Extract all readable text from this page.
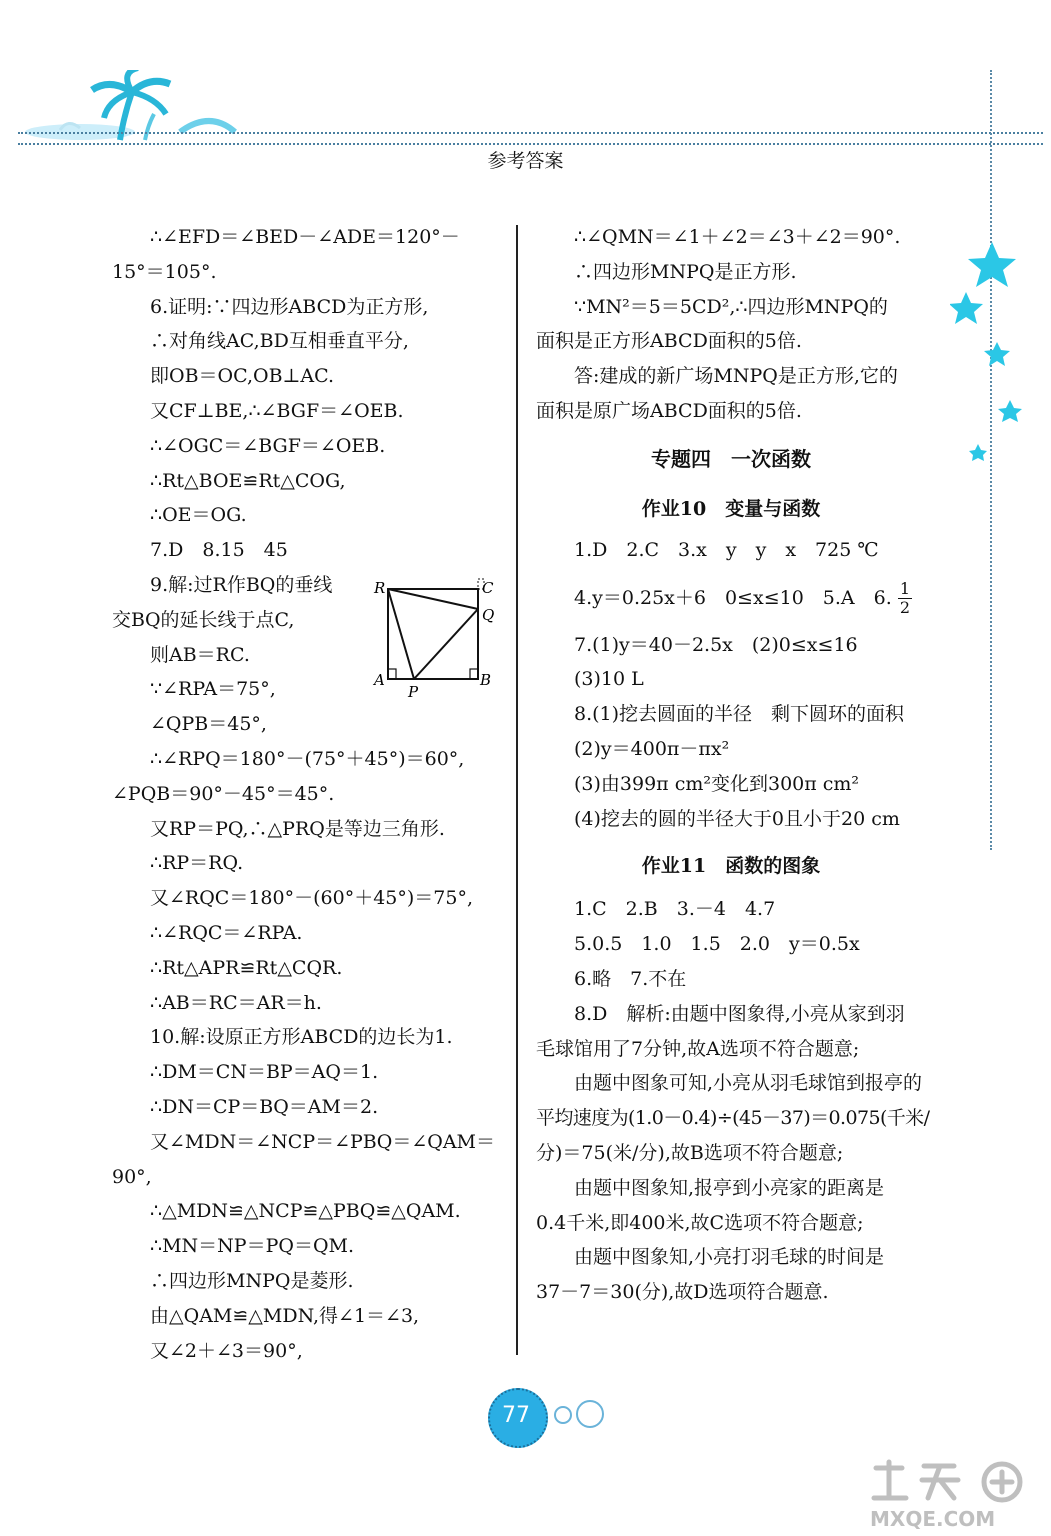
参考答案
∴∠EFD＝∠BED－∠ADE＝120°－
15°＝105°.
6.证明:∵四边形ABCD为正方形,
∴对角线AC,BD互相垂直平分,
即OB＝OC,OB⊥AC.
又CF⊥BE,∴∠BGF＝∠OEB.
∴∠OGC＝∠BGF＝∠OEB.
∴Rt△BOE≌Rt△COG,
∴OE＝OG.
7.D　8.15　45
9.解:过R作BQ的垂线
交BQ的延长线于点C,
则AB＝RC.
∵∠RPA＝75°,
∠QPB＝45°,
∴∠RPQ＝180°－(75°＋45°)＝60°,
∠PQB＝90°－45°＝45°.
又RP＝PQ,∴△PRQ是等边三角形.
∴RP＝RQ.
又∠RQC＝180°－(60°＋45°)＝75°,
∴∠RQC＝∠RPA.
∴Rt△APR≌Rt△CQR.
∴AB＝RC＝AR＝h.
10.解:设原正方形ABCD的边长为1.
∴DM＝CN＝BP＝AQ＝1.
∴DN＝CP＝BQ＝AM＝2.
又∠MDN＝∠NCP＝∠PBQ＝∠QAM＝
90°,
∴△MDN≌△NCP≌△PBQ≌△QAM.
∴MN＝NP＝PQ＝QM.
∴四边形MNPQ是菱形.
由△QAM≌△MDN,得∠1＝∠3,
又∠2＋∠3＝90°,
R	C
Q
A
P
B
∴∠QMN＝∠1＋∠2＝∠3＋∠2＝90°.
∴四边形MNPQ是正方形.
∵MN²＝5＝5CD²,∴四边形MNPQ的
面积是正方形ABCD面积的5倍.
答:建成的新广场MNPQ是正方形,它的
面积是原广场ABCD面积的5倍.
专题四　一次函数
作业10　变量与函数
1.D　2.C　3.x　y　y　x　725 ℃
4.y＝0.25x＋6　0≤x≤10　5.A　6. $\frac{1}{2}$
7.(1)y＝40－2.5x　(2)0≤x≤16
(3)10 L
8.(1)挖去圆面的半径　剩下圆环的面积
(2)y＝400π－πx²
(3)由399π cm²变化到300π cm²
(4)挖去的圆的半径大于0且小于20 cm
作业11　函数的图象
1.C　2.B　3.－4　4.7
5.0.5　1.0　1.5　2.0　y＝0.5x
6.略　7.不在
8.D　解析:由题中图象得,小亮从家到羽
毛球馆用了7分钟,故A选项不符合题意;
由题中图象可知,小亮从羽毛球馆到报亭的
平均速度为(1.0－0.4)÷(45－37)＝0.075(千米/
分)＝75(米/分),故B选项不符合题意;
由题中图象知,报亭到小亮家的距离是
0.4千米,即400米,故C选项不符合题意;
由题中图象知,小亮打羽毛球的时间是
37－7＝30(分),故D选项符合题意.
77
MXQE.COM
